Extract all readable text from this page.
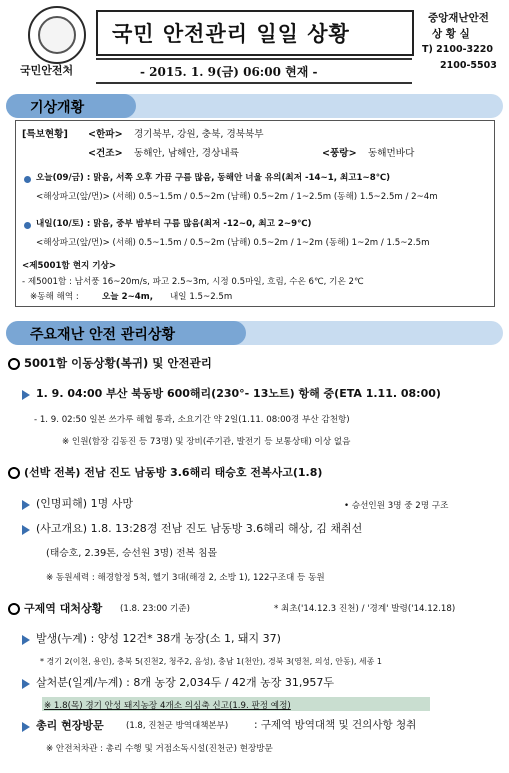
국민안전처
국민 안전관리 일일 상황
- 2015. 1. 9(금) 06:00 현재 -
중앙재난안전
상 황 실
T) 2100-3220
2100-5503
기상개황
[특보현황] <한파> 경기북부, 강원, 충북, 경북북부
<건조> 동해안, 남해안, 경상내륙	<풍랑> 동해먼바다
오늘(09/금) : 맑음, 서쪽 오후 가끔 구름 많음, 동해안 너울 유의(최저 -14~1, 최고1~8℃)
<해상파고(앞/먼)> (서해) 0.5~1.5m / 0.5~2m (남해) 0.5~2m / 1~2.5m (동해) 1.5~2.5m / 2~4m
내일(10/토) : 맑음, 중부 밤부터 구름 많음(최저 -12~0, 최고 2~9℃)
<해상파고(앞/먼)> (서해) 0.5~1.5m / 0.5~2m (남해) 0.5~2m / 1~2m (동해) 1~2m / 1.5~2.5m
<제5001함 현지 기상>
- 제5001함 : 남서풍 16~20m/s, 파고 2.5~3m, 시정 0.5마일, 흐림, 수온 6℃, 기온 2℃
※동해 해역 :	오늘 2~4m, 내일 1.5~2.5m
주요재난 안전 관리상황
5001함 이동상황(복귀) 및 안전관리
1. 9. 04:00 부산 북동방 600해리(230°- 13노트) 항해 중(ETA 1.11. 08:00)
- 1. 9. 02:50 일본 쓰가루 해협 통과, 소요기간 약 2일(1.11. 08:00경 부산 감천항)
※ 인원(함장 김동진 등 73명) 및 장비(주기관, 발전기 등 보통상태) 이상 없음
(선박 전복) 전남 진도 남동방 3.6해리 태승호 전복사고(1.8)
(인명피해) 1명 사망	• 승선인원 3명 중 2명 구조
(사고개요) 1.8. 13:28경 전남 진도 남동방 3.6해리 해상, 김 채취선
(태승호, 2.39톤, 승선원 3명) 전복 침몰
※ 동원세력 : 해경함정 5척, 헬기 3대(해경 2, 소방 1), 122구조대 등 동원
구제역 대처상황 (1.8. 23:00 기준)	* 최초('14.12.3 진천) / '경계' 발령('14.12.18)
발생(누계) : 양성 12건* 38개 농장(소 1, 돼지 37)
* 경기 2(이천, 용인), 충북 5(진천2, 청주2, 음성), 충남 1(천안), 경북 3(영천, 의성, 안동), 세종 1
살처분(일계/누계) : 8개 농장 2,034두 / 42개 농장 31,957두
※ 1.8(목) 경기 안성 돼지농장 4개소 의심축 신고(1.9. 판정 예정)
총리 현장방문	(1.8, 진천군 방역대책본부) : 구제역 방역대책 및 건의사항 청취
※ 안전처차관 : 총리 수행 및 거점소독시설(진천군) 현장방문
